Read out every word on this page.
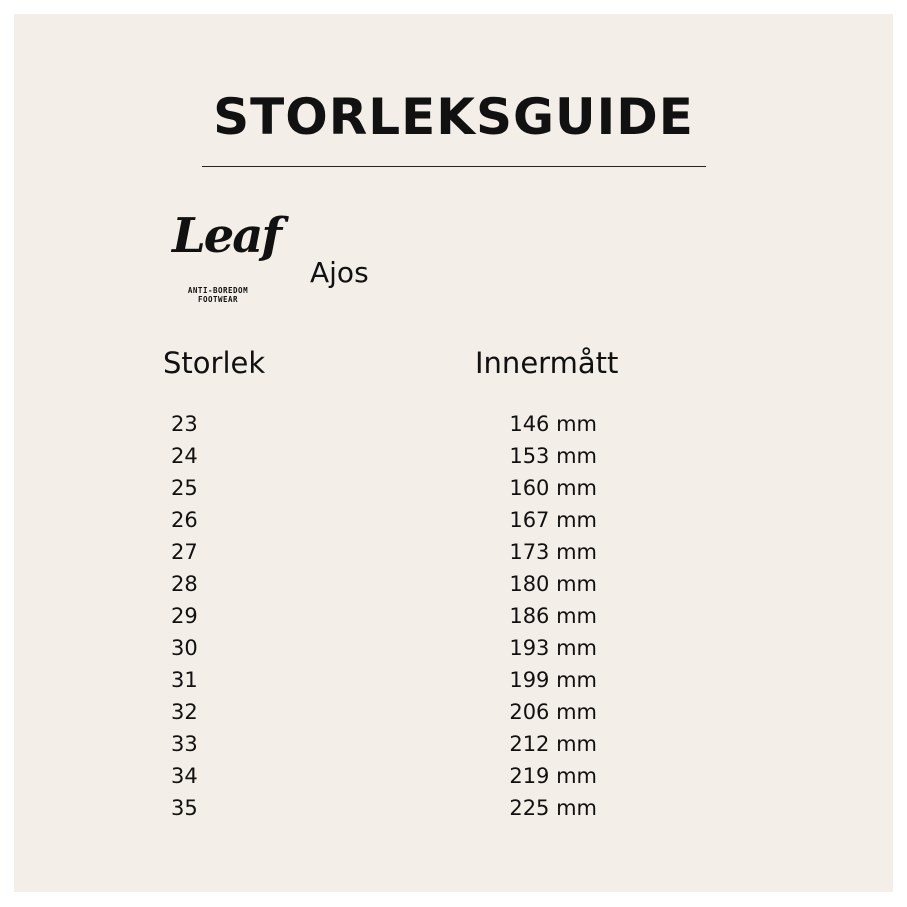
STORLEKSGUIDE
Leaf
ANTI-BOREDOM
FOOTWEAR
Ajos
Storlek	Innermått
23	146 mm
24	153 mm
25	160 mm
26	167 mm
27	173 mm
28	180 mm
29	186 mm
30	193 mm
31	199 mm
32	206 mm
33	212 mm
34	219 mm
35	225 mm
